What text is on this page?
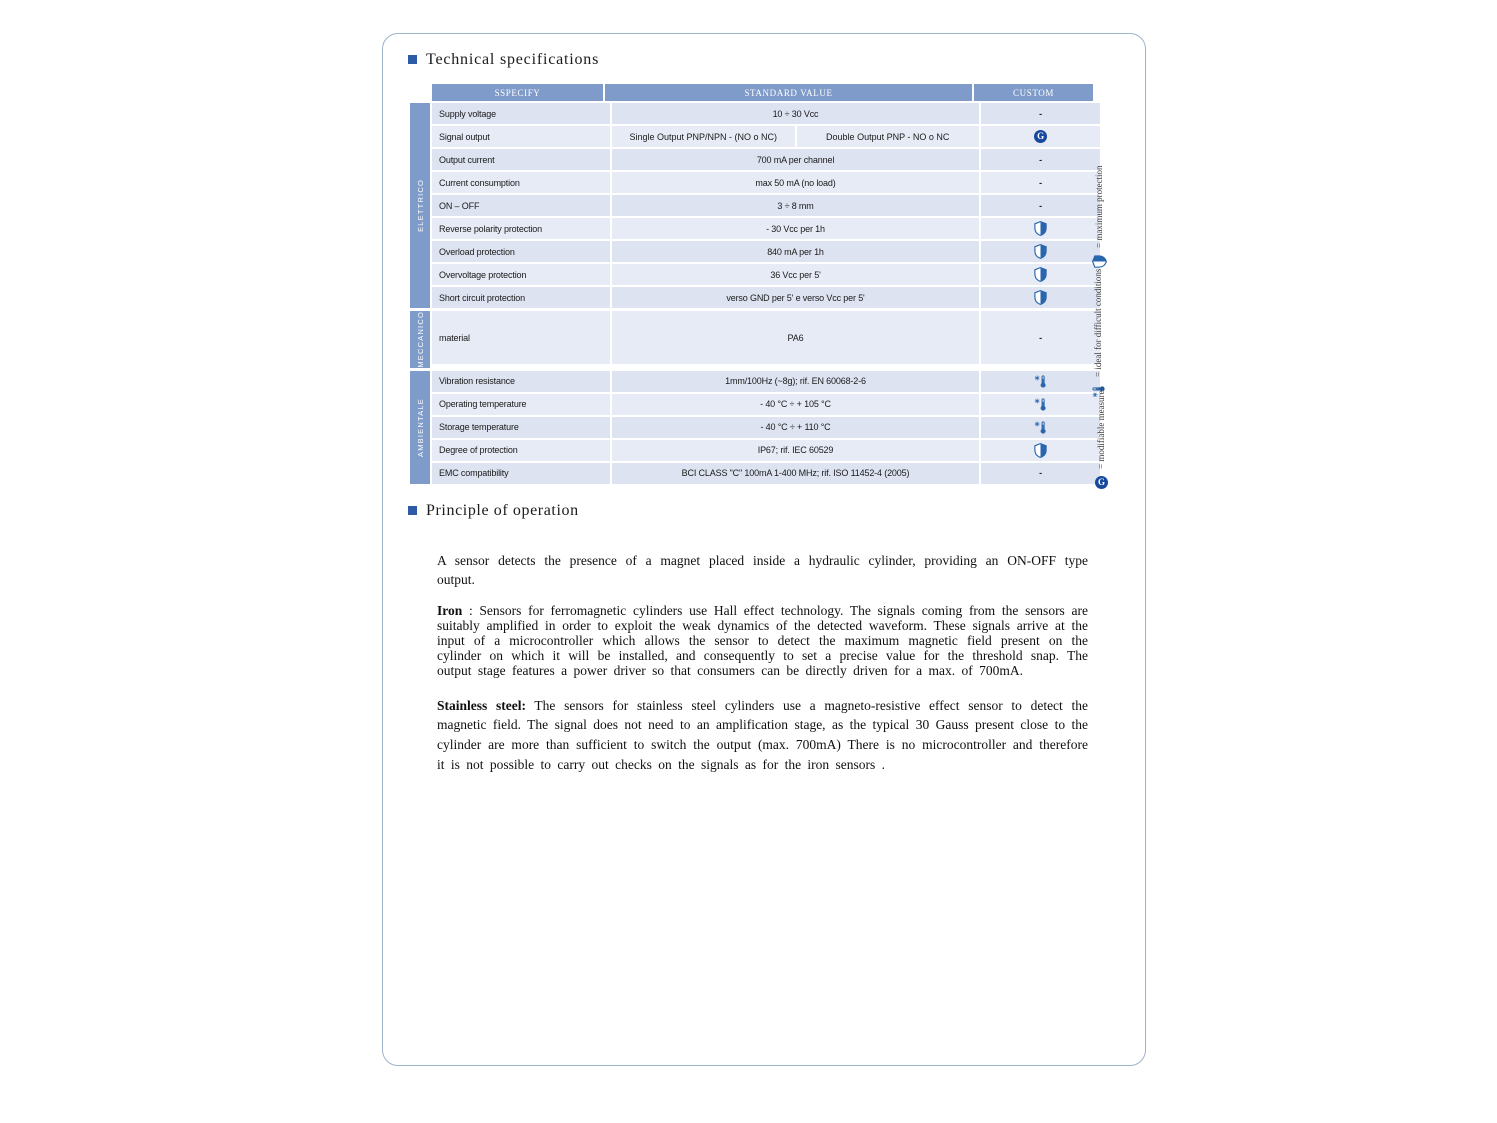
Technical specifications
SSPECIFY	STANDARD VALUE	CUSTOM
ELETTRICO
Supply voltage	10 ÷ 30 Vcc	-
Signal output	Single Output PNP/NPN - (NO o NC)	Double Output PNP - NO o NC	G
Output current	700 mA per channel	-
Current consumption	max 50 mA (no load)	-
ON – OFF	3 ÷ 8 mm	-
Reverse polarity protection	- 30 Vcc per 1h
Overload protection	840 mA per 1h
Overvoltage protection	36 Vcc per 5'
Short circuit protection	verso GND per 5' e verso Vcc per 5'
MECCANICO	material	PA6	-
AMBIENTALE
Vibration resistance	1mm/100Hz (~8g); rif. EN 60068-2-6
Operating temperature	- 40 °C ÷ + 105 °C
Storage temperature	- 40 °C ÷ + 110 °C
Degree of protection	IP67; rif. IEC 60529
EMC compatibility	BCI CLASS "C" 100mA 1-400 MHz; rif. ISO 11452-4 (2005)	-
= maximum protection
= ideal for difficult conditions
G
= modifiable measures
Principle of operation

A sensor detects the presence of a magnet placed inside a hydraulic cylinder, providing an ON-OFF type output.

Iron : Sensors for ferromagnetic cylinders use Hall effect technology. The signals coming from the sensors are suitably amplified in order to exploit the weak dynamics of the detected waveform. These signals arrive at the input of a microcontroller which allows the sensor to detect the maximum magnetic field present on the cylinder on which it will be installed, and consequently to set a precise value for the threshold snap. The output stage features a power driver so that consumers can be directly driven for a max. of 700mA.

Stainless steel: The sensors for stainless steel cylinders use a magneto-resistive effect sensor to detect the magnetic field. The signal does not need to an amplification stage, as the typical 30 Gauss present close to the cylinder are more than sufficient to switch the output (max. 700mA) There is no microcontroller and therefore it is not possible to carry out checks on the signals as for the iron sensors .
